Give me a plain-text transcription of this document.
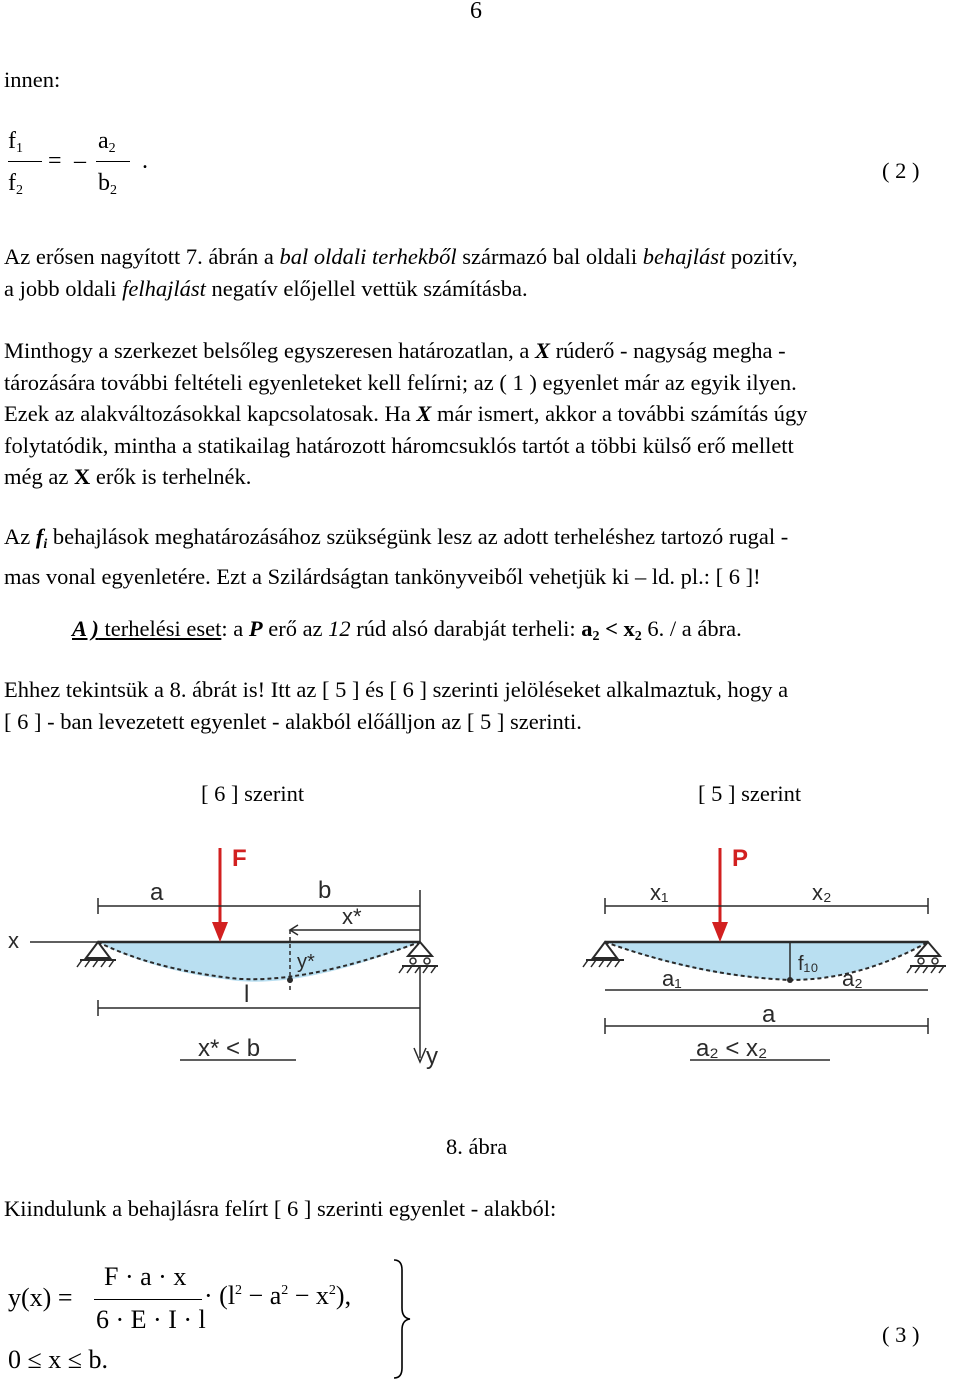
6
innen:
$f_1$
$f_2$
= –
$a_2$
$b_2$
.	( 2 )
Az erősen nagyított 7. ábrán a bal oldali terhekből származó bal oldali behajlást pozitív,
a jobb oldali felhajlást negatív előjellel vettük számításba.
Minthogy a szerkezet belsőleg egyszeresen határozatlan, a X rúderő - nagyság megha -
tározására további feltételi egyenleteket kell felírni; az ( 1 ) egyenlet már az egyik ilyen.
Ezek az alakváltozásokkal kapcsolatosak. Ha X már ismert, akkor a további számítás úgy
folytatódik, mintha a statikailag határozott háromcsuklós tartót a többi külső erő mellett
még az X erők is terhelnék.
Az $f_i$ behajlások meghatározásához szükségünk lesz az adott terheléshez tartozó rugal -
mas vonal egyenletére. Ezt a Szilárdságtan tankönyveiből vehetjük ki – ld. pl.: [ 6 ]!
A ) terhelési eset: a P erő az 12 rúd alsó darabját terheli: $a_2 < x_2$ 6. / a ábra.
Ehhez tekintsük a 8. ábrát is! Itt az [ 5 ] és [ 6 ] szerinti jelöléseket alkalmaztuk, hogy a
[ 6 ] - ban levezetett egyenlet - alakból előálljon az [ 5 ] szerinti.
[ 6 ] szerint	[ 5 ] szerint
x
F
a	b
x*
y*
l
x* < b	y
P
x₁	x₂
f₁₀
a₁	a₂
a
a₂ < x₂
8. ábra
Kiindulunk a behajlásra felírt [ 6 ] szerinti egyenlet - alakból:
y(x) =
F · a · x
6 · E · I · l
· $(l^2 - a^2 - x^2)$,
0 ≤ x ≤ b.
( 3 )
